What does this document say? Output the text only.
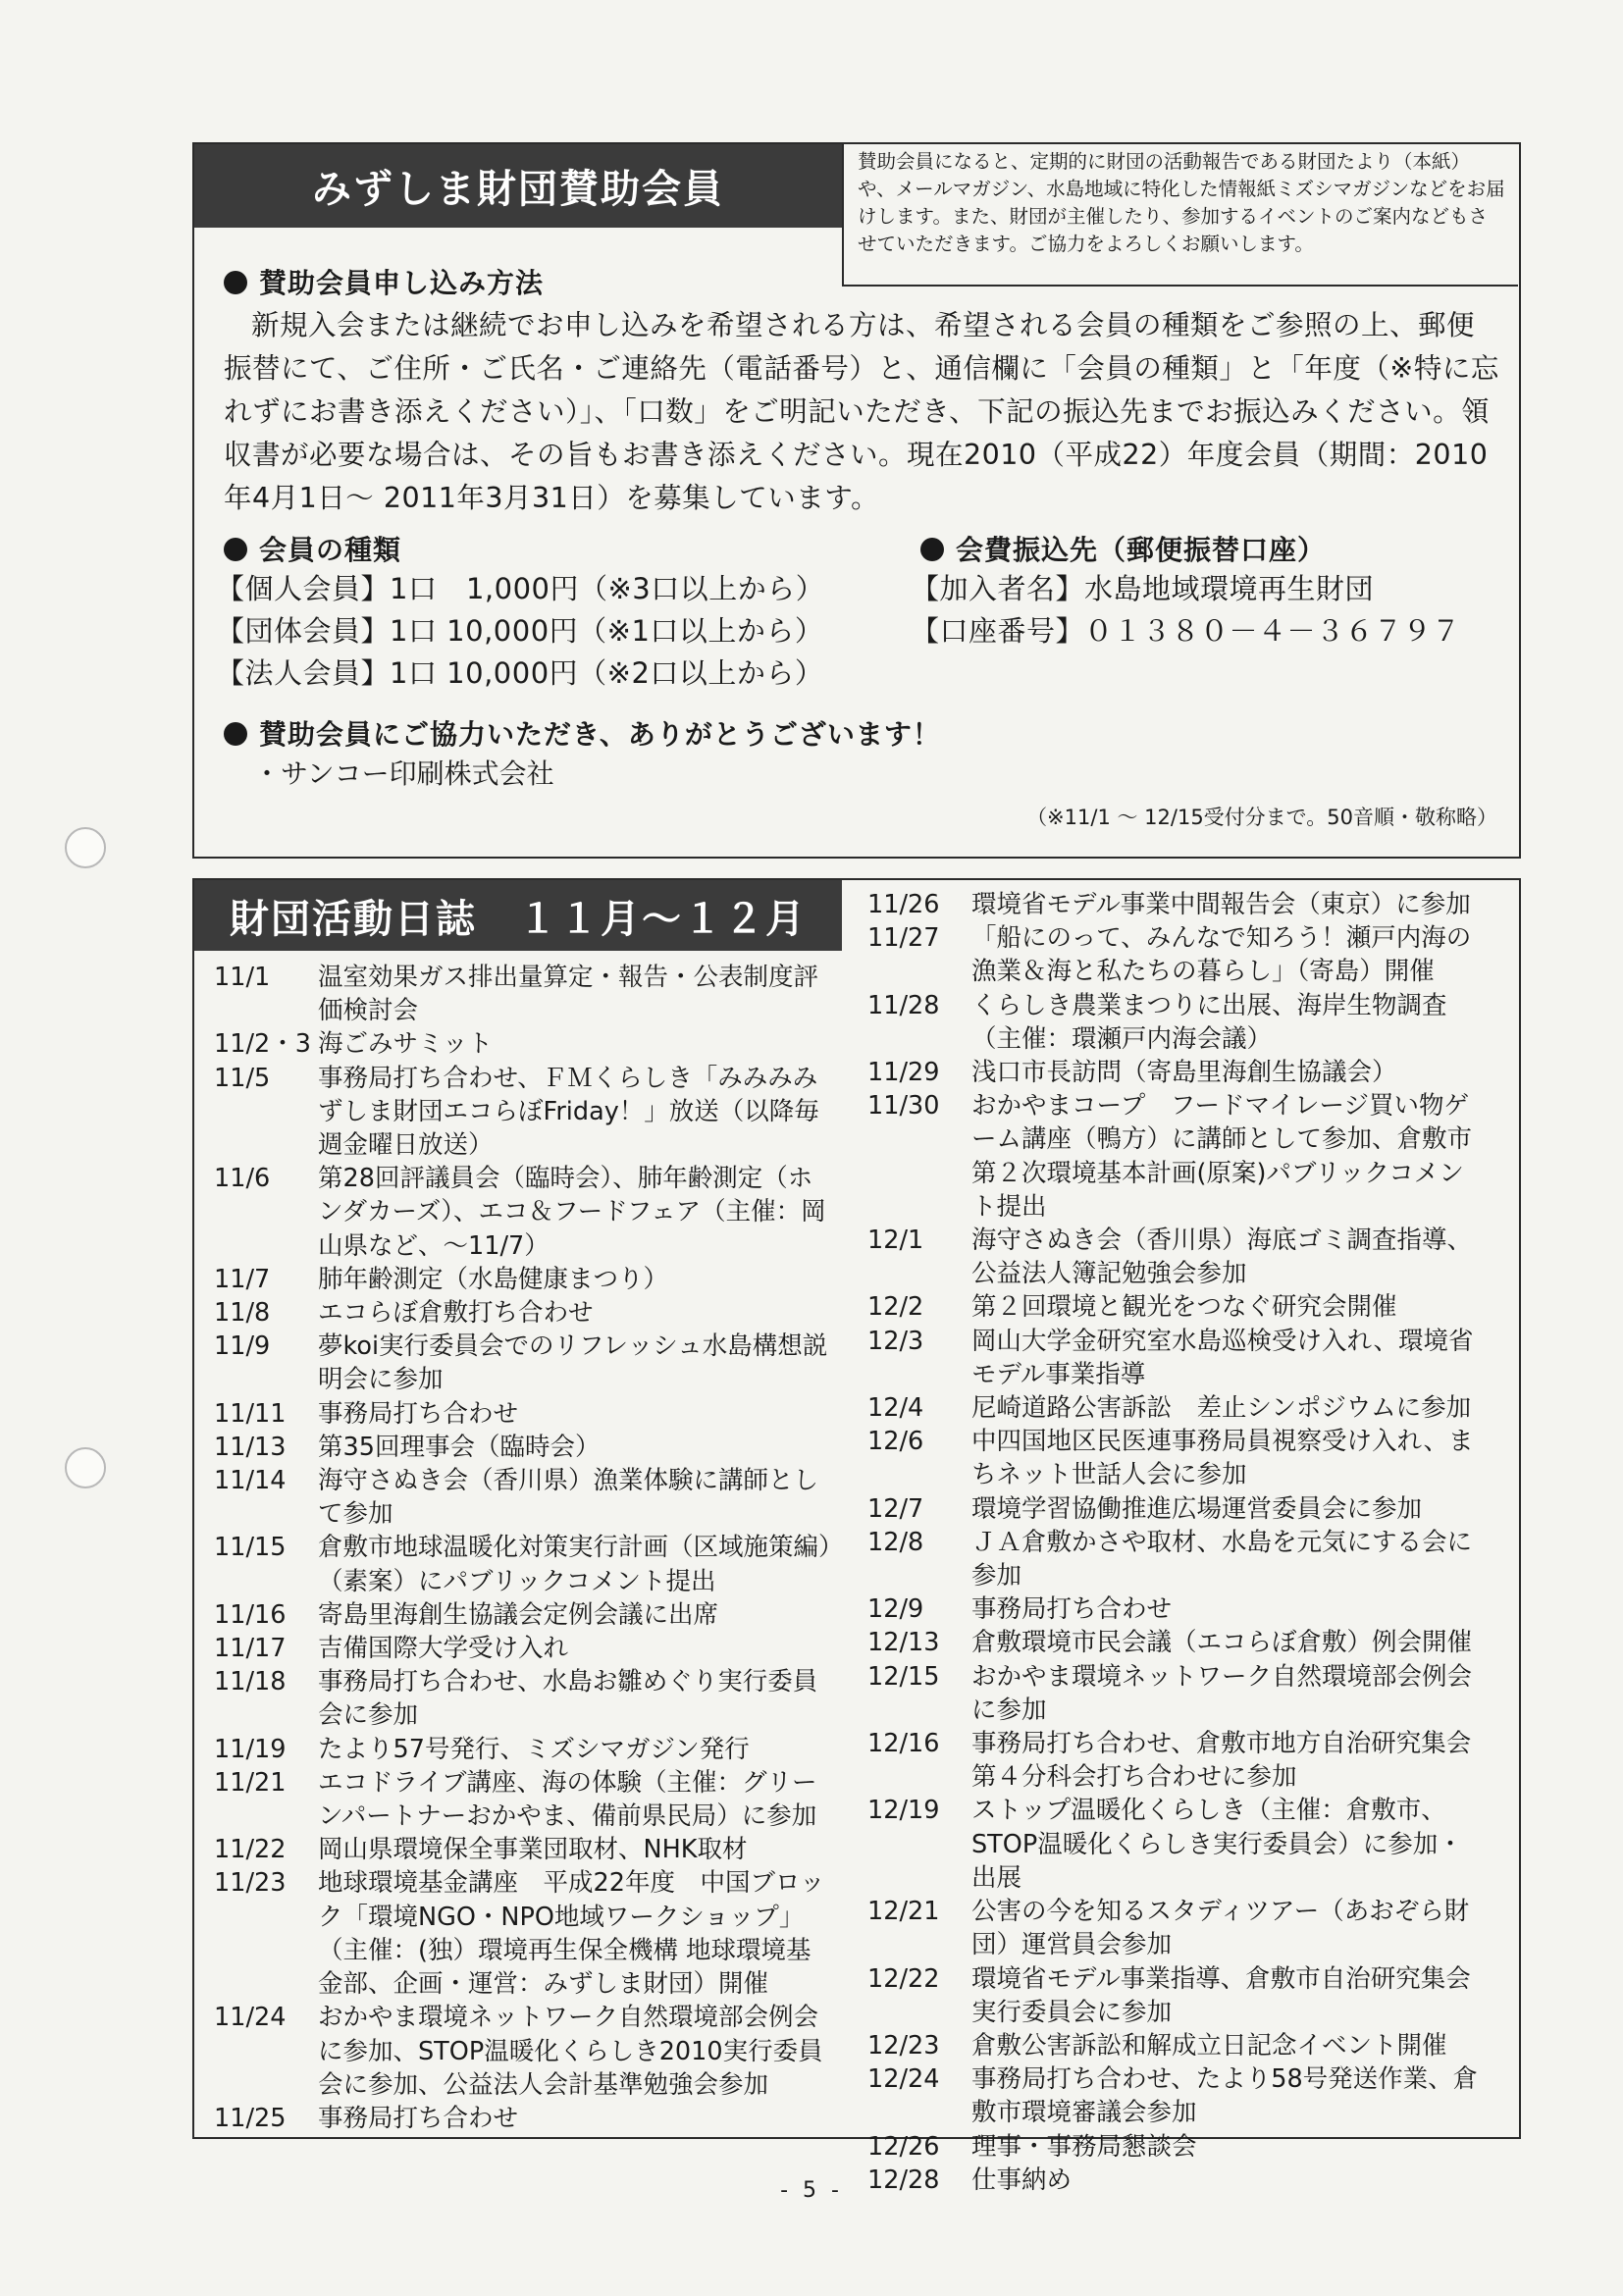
みずしま財団賛助会員
賛助会員になると、定期的に財団の活動報告である財団たより（本紙）や、メールマガジン、水島地域に特化した情報紙ミズシマガジンなどをお届けします。また、財団が主催したり、参加するイベントのご案内などもさせていただきます。ご協力をよろしくお願いします。
賛助会員申し込み方法
新規入会または継続でお申し込みを希望される方は、希望される会員の種類をご参照の上、郵便振替にて、ご住所・ご氏名・ご連絡先（電話番号）と、通信欄に「会員の種類」と「年度（※特に忘れずにお書き添えください）」、「口数」をご明記いただき、下記の振込先までお振込みください。領収書が必要な場合は、その旨もお書き添えください。現在2010（平成22）年度会員（期間：2010年4月1日～ 2011年3月31日）を募集しています。
会員の種類
【個人会員】1口　1,000円（※3口以上から）
【団体会員】1口 10,000円（※1口以上から）
【法人会員】1口 10,000円（※2口以上から）
会費振込先（郵便振替口座）
【加入者名】水島地域環境再生財団
【口座番号】０１３８０－４－３６７９７
賛助会員にご協力いただき、ありがとうございます！
・サンコー印刷株式会社
（※11/1 ～ 12/15受付分まで。50音順・敬称略）
財団活動日誌　１１月～１２月
11/1	温室効果ガス排出量算定・報告・公表制度評価検討会
11/2・3 海ごみサミット
11/5	事務局打ち合わせ、ＦＭくらしき「みみみみずしま財団エコらぼFriday！」放送（以降毎週金曜日放送）
11/6	第28回評議員会（臨時会）、肺年齢測定（ホンダカーズ）、エコ＆フードフェア（主催：岡山県など、～11/7）
11/7	肺年齢測定（水島健康まつり）
11/8	エコらぼ倉敷打ち合わせ
11/9	夢koi実行委員会でのリフレッシュ水島構想説明会に参加
11/11	事務局打ち合わせ
11/13	第35回理事会（臨時会）
11/14	海守さぬき会（香川県）漁業体験に講師として参加
11/15	倉敷市地球温暖化対策実行計画（区域施策編）（素案）にパブリックコメント提出
11/16	寄島里海創生協議会定例会議に出席
11/17	吉備国際大学受け入れ
11/18	事務局打ち合わせ、水島お雛めぐり実行委員会に参加
11/19	たより57号発行、ミズシマガジン発行
11/21	エコドライブ講座、海の体験（主催：グリーンパートナーおかやま、備前県民局）に参加
11/22	岡山県環境保全事業団取材、NHK取材
11/23	地球環境基金講座　平成22年度　中国ブロック「環境NGO・NPO地域ワークショップ」（主催：(独）環境再生保全機構 地球環境基金部、企画・運営：みずしま財団）開催
11/24	おかやま環境ネットワーク自然環境部会例会に参加、STOP温暖化くらしき2010実行委員会に参加、公益法人会計基準勉強会参加
11/25	事務局打ち合わせ
11/26	環境省モデル事業中間報告会（東京）に参加
11/27	「船にのって、みんなで知ろう！瀬戸内海の漁業＆海と私たちの暮らし」（寄島）開催
11/28	くらしき農業まつりに出展、海岸生物調査（主催：環瀬戸内海会議）
11/29	浅口市長訪問（寄島里海創生協議会）
11/30	おかやまコープ　フードマイレージ買い物ゲーム講座（鴨方）に講師として参加、倉敷市第２次環境基本計画(原案)パブリックコメント提出
12/1	海守さぬき会（香川県）海底ゴミ調査指導、公益法人簿記勉強会参加
12/2	第２回環境と観光をつなぐ研究会開催
12/3	岡山大学金研究室水島巡検受け入れ、環境省モデル事業指導
12/4	尼崎道路公害訴訟　差止シンポジウムに参加
12/6	中四国地区民医連事務局員視察受け入れ、まちネット世話人会に参加
12/7	環境学習協働推進広場運営委員会に参加
12/8	ＪＡ倉敷かさや取材、水島を元気にする会に参加
12/9	事務局打ち合わせ
12/13	倉敷環境市民会議（エコらぼ倉敷）例会開催
12/15	おかやま環境ネットワーク自然環境部会例会に参加
12/16	事務局打ち合わせ、倉敷市地方自治研究集会第４分科会打ち合わせに参加
12/19	ストップ温暖化くらしき（主催：倉敷市、STOP温暖化くらしき実行委員会）に参加・出展
12/21	公害の今を知るスタディツアー（あおぞら財団）運営員会参加
12/22	環境省モデル事業指導、倉敷市自治研究集会実行委員会に参加
12/23	倉敷公害訴訟和解成立日記念イベント開催
12/24	事務局打ち合わせ、たより58号発送作業、倉敷市環境審議会参加
12/26	理事・事務局懇談会
12/28	仕事納め
- 5 -
